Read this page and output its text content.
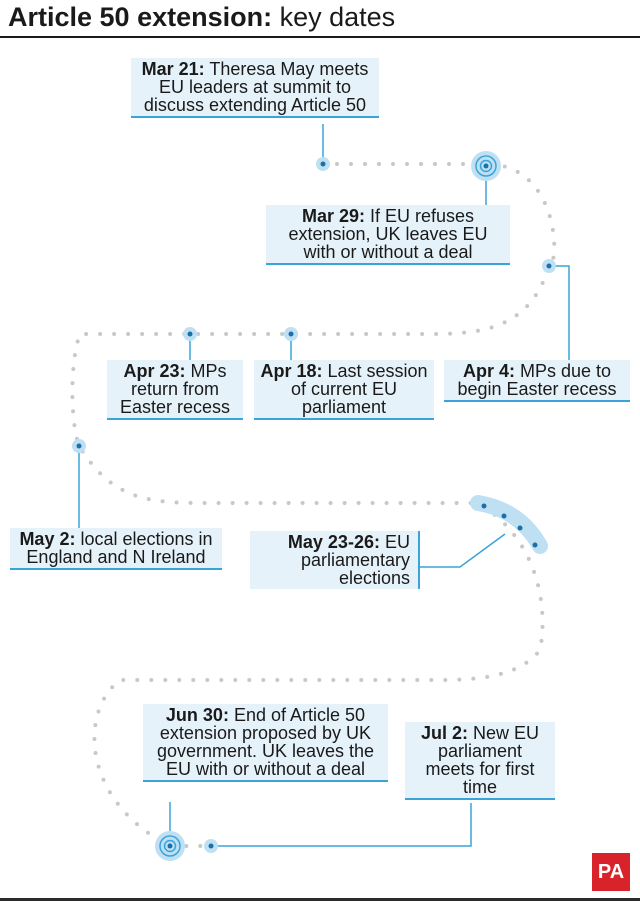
Article 50 extension: key dates
Mar 21: Theresa May meets EU leaders at summit to discuss extending Article 50
Mar 29: If EU refuses extension, UK leaves EU with or without a deal
Apr 4: MPs due to begin Easter recess
Apr 18: Last session of current EU parliament
Apr 23: MPs return from Easter recess
May 2: local elections in England and N Ireland
May 23-26: EU parliamentary elections
Jun 30: End of Article 50 extension proposed by UK government. UK leaves the EU with or without a deal
Jul 2: New EU parliament meets for first time
PA
